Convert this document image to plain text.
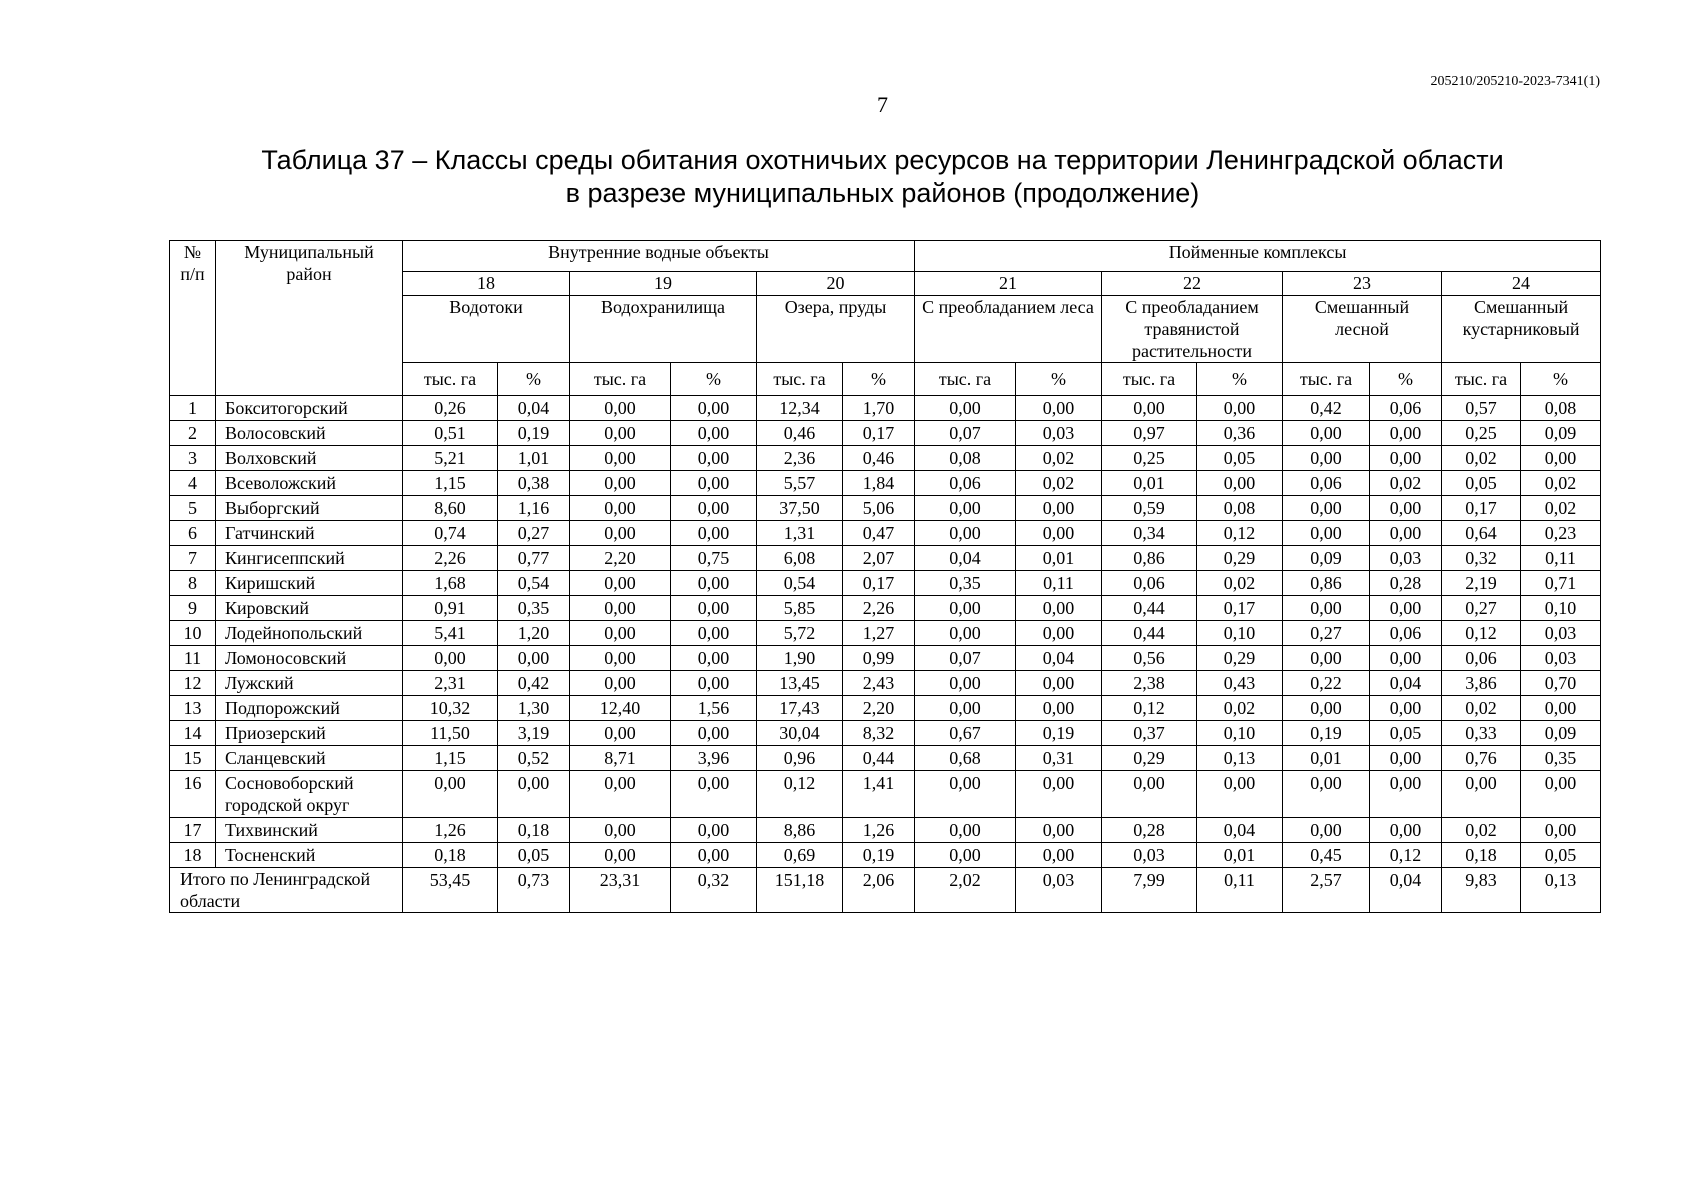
205210/205210-2023-7341(1)
7
Таблица 37 – Классы среды обитания охотничьих ресурсов на территории Ленинградской области
в разрезе муниципальных районов (продолжение)
№ п/п	Муниципальный район	Внутренние водные объекты						Пойменные комплексы							
		18		19		20		21		22		23		24	
		Водотоки		Водохранилища		Озера, пруды		С преобладанием леса		С преобладанием травянистой растительности		Смешанный лесной		Смешанный кустарниковый	
		тыс. га	%	тыс. га	%	тыс. га	%	тыс. га	%	тыс. га	%	тыс. га	%	тыс. га	%
1	Бокситогорский	0,26	0,04	0,00	0,00	12,34	1,70	0,00	0,00	0,00	0,00	0,42	0,06	0,57	0,08
2	Волосовский	0,51	0,19	0,00	0,00	0,46	0,17	0,07	0,03	0,97	0,36	0,00	0,00	0,25	0,09
3	Волховский	5,21	1,01	0,00	0,00	2,36	0,46	0,08	0,02	0,25	0,05	0,00	0,00	0,02	0,00
4	Всеволожский	1,15	0,38	0,00	0,00	5,57	1,84	0,06	0,02	0,01	0,00	0,06	0,02	0,05	0,02
5	Выборгский	8,60	1,16	0,00	0,00	37,50	5,06	0,00	0,00	0,59	0,08	0,00	0,00	0,17	0,02
6	Гатчинский	0,74	0,27	0,00	0,00	1,31	0,47	0,00	0,00	0,34	0,12	0,00	0,00	0,64	0,23
7	Кингисеппский	2,26	0,77	2,20	0,75	6,08	2,07	0,04	0,01	0,86	0,29	0,09	0,03	0,32	0,11
8	Киришский	1,68	0,54	0,00	0,00	0,54	0,17	0,35	0,11	0,06	0,02	0,86	0,28	2,19	0,71
9	Кировский	0,91	0,35	0,00	0,00	5,85	2,26	0,00	0,00	0,44	0,17	0,00	0,00	0,27	0,10
10	Лодейнопольский	5,41	1,20	0,00	0,00	5,72	1,27	0,00	0,00	0,44	0,10	0,27	0,06	0,12	0,03
11	Ломоносовский	0,00	0,00	0,00	0,00	1,90	0,99	0,07	0,04	0,56	0,29	0,00	0,00	0,06	0,03
12	Лужский	2,31	0,42	0,00	0,00	13,45	2,43	0,00	0,00	2,38	0,43	0,22	0,04	3,86	0,70
13	Подпорожский	10,32	1,30	12,40	1,56	17,43	2,20	0,00	0,00	0,12	0,02	0,00	0,00	0,02	0,00
14	Приозерский	11,50	3,19	0,00	0,00	30,04	8,32	0,67	0,19	0,37	0,10	0,19	0,05	0,33	0,09
15	Сланцевский	1,15	0,52	8,71	3,96	0,96	0,44	0,68	0,31	0,29	0,13	0,01	0,00	0,76	0,35
16	Сосновоборский городской округ	0,00	0,00	0,00	0,00	0,12	1,41	0,00	0,00	0,00	0,00	0,00	0,00	0,00	0,00
17	Тихвинский	1,26	0,18	0,00	0,00	8,86	1,26	0,00	0,00	0,28	0,04	0,00	0,00	0,02	0,00
18	Тосненский	0,18	0,05	0,00	0,00	0,69	0,19	0,00	0,00	0,03	0,01	0,45	0,12	0,18	0,05
Итого по Ленинградской области		53,45	0,73	23,31	0,32	151,18	2,06	2,02	0,03	7,99	0,11	2,57	0,04	9,83	0,13
